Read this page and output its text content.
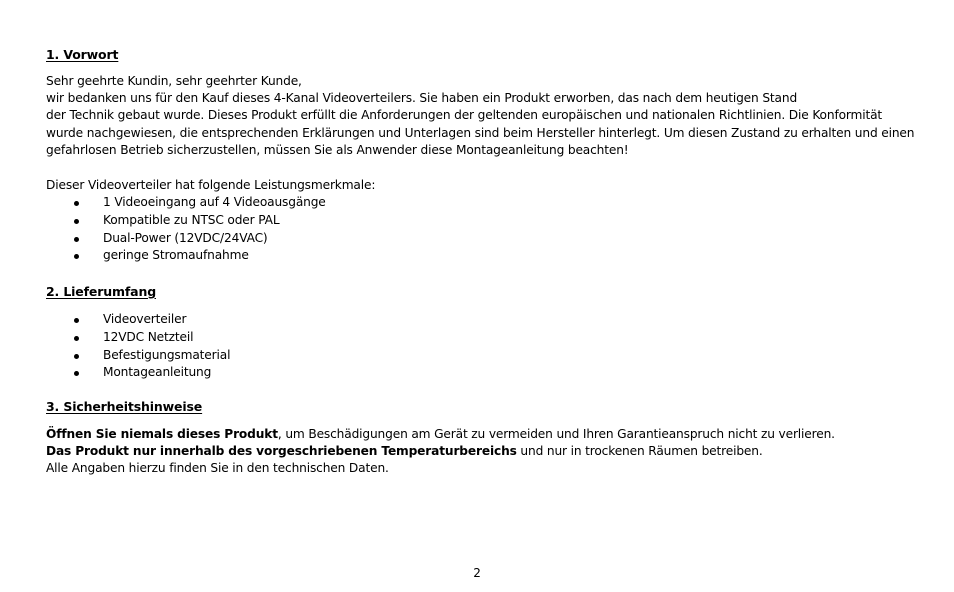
1. Vorwort

Sehr geehrte Kundin, sehr geehrter Kunde,
wir bedanken uns für den Kauf dieses 4-Kanal Videoverteilers. Sie haben ein Produkt erworben, das nach dem heutigen Stand
der Technik gebaut wurde. Dieses Produkt erfüllt die Anforderungen der geltenden europäischen und nationalen Richtlinien. Die Konformität
wurde nachgewiesen, die entsprechenden Erklärungen und Unterlagen sind beim Hersteller hinterlegt. Um diesen Zustand zu erhalten und einen
gefahrlosen Betrieb sicherzustellen, müssen Sie als Anwender diese Montageanleitung beachten!

Dieser Videoverteiler hat folgende Leistungsmerkmale:

1 Videoeingang auf 4 Videoausgänge
Kompatible zu NTSC oder PAL
Dual-Power (12VDC/24VAC)
geringe Stromaufnahme
2. Lieferumfang
Videoverteiler
12VDC Netzteil
Befestigungsmaterial
Montageanleitung
3. Sicherheitshinweise
Öffnen Sie niemals dieses Produkt, um Beschädigungen am Gerät zu vermeiden und Ihren Garantieanspruch nicht zu verlieren.
Das Produkt nur innerhalb des vorgeschriebenen Temperaturbereichs und nur in trockenen Räumen betreiben.
Alle Angaben hierzu finden Sie in den technischen Daten.
2
